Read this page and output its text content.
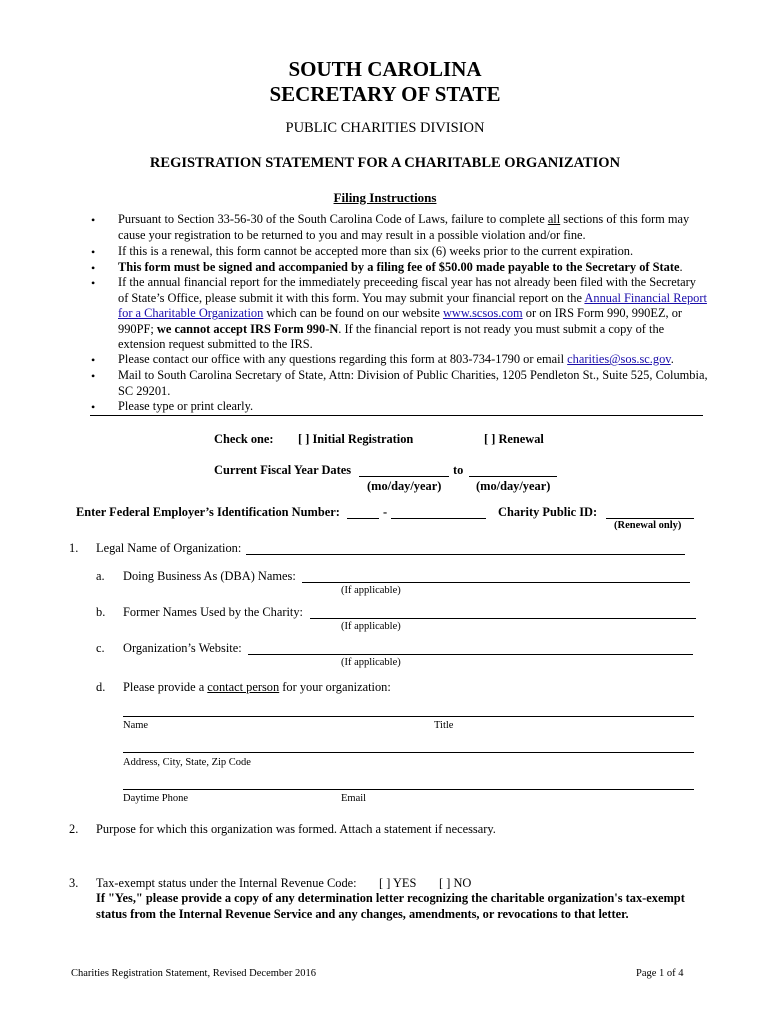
SOUTH CAROLINA
SECRETARY OF STATE
PUBLIC CHARITIES DIVISION
REGISTRATION STATEMENT FOR A CHARITABLE ORGANIZATION
Filing Instructions
• Pursuant to Section 33-56-30 of the South Carolina Code of Laws, failure to complete all sections of this form may cause your registration to be returned to you and may result in a possible violation and/or fine.
• If this is a renewal, this form cannot be accepted more than six (6) weeks prior to the current expiration.
• This form must be signed and accompanied by a filing fee of $50.00 made payable to the Secretary of State.
• If the annual financial report for the immediately preceeding fiscal year has not already been filed with the Secretary of State’s Office, please submit it with this form. You may submit your financial report on the Annual Financial Report for a Charitable Organization which can be found on our website www.scsos.com or on IRS Form 990, 990EZ, or 990PF; we cannot accept IRS Form 990-N. If the financial report is not ready you must submit a copy of the extension request submitted to the IRS.
• Please contact our office with any questions regarding this form at 803-734-1790 or email charities@sos.sc.gov.
• Mail to South Carolina Secretary of State, Attn: Division of Public Charities, 1205 Pendleton St., Suite 525, Columbia, SC 29201.
• Please type or print clearly.
Check one: [ ] Initial Registration	[ ] Renewal
Current Fiscal Year Dates	to
(mo/day/year)	(mo/day/year)
Enter Federal Employer’s Identification Number:	-	Charity Public ID:
(Renewal only)
1. Legal Name of Organization:
a. Doing Business As (DBA) Names:
(If applicable)
b. Former Names Used by the Charity:
(If applicable)
c. Organization’s Website:
(If applicable)
d. Please provide a contact person for your organization:
Name	Title
Address, City, State, Zip Code
Daytime Phone	Email
2. Purpose for which this organization was formed. Attach a statement if necessary.
3. Tax-exempt status under the Internal Revenue Code: [ ] YES [ ] NO
If "Yes," please provide a copy of any determination letter recognizing the charitable organization's tax-exempt status from the Internal Revenue Service and any changes, amendments, or revocations to that letter.
Charities Registration Statement, Revised December 2016	Page 1 of 4
